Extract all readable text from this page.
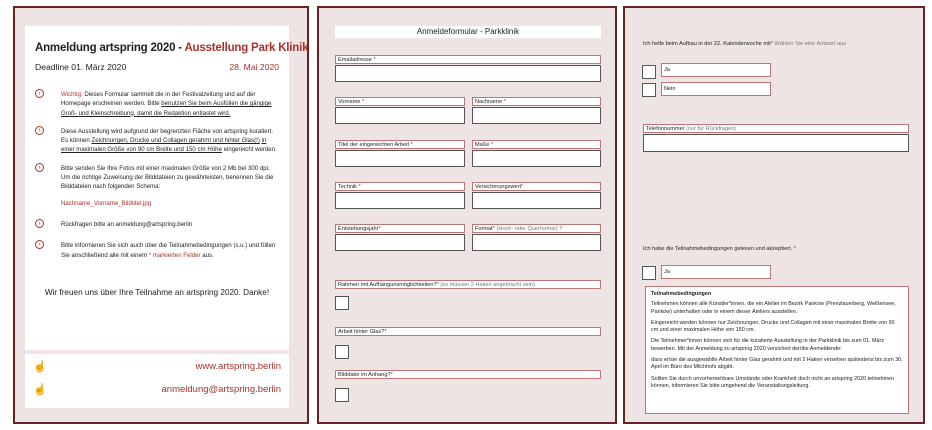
Anmeldung artspring 2020 - Ausstellung Park Klinik
Deadline 01. März 2020	28. Mai 2020
›	Wichtig: Dieses Formular sammelt die in der Festivalzeitung und auf der Homepage erscheinen werden. Bitte benutzen Sie beim Ausfüllen die gängige Groß- und Kleinschreibung, damit die Redaktion entlastet wird.
›	Diese Ausstellung wird aufgrund der begrenzten Fläche von artspring kuratiert. Es können Zeichnungen, Drucke und Collagen gerahmt und hinter Glas(!) in einer maximalen Größe von 90 cm Breite und 150 cm Höhe eingereicht werden.
›	Bitte senden Sie Ihre Fotos mit einer maximalen Größe von 2 Mb bei 300 dpi. Um die richtige Zuweisung der Bilddateien zu gewährleisten, benennen Sie die Bilddateien nach folgenden Schema:
Nachname_Vorname_Bildtitel.jpg
›	Rückfragen bitte an anmeldung@artspring.berlin
›	Bitte informieren Sie sich auch über die Teilnahmebedingungen (s.u.) und füllen Sie anschließend alle mit einem * markierten Felder aus.
Wir freuen uns über Ihre Teilnahme an artspring 2020. Danke!
☝	www.artspring.berlin
☝	anmeldung@artspring.berlin
Anmeldeformular - Parkklinik
Emailadresse *
Vorname *	Nachname *
Titel der eingereichten Arbeit *	Maße *
Technik *	Versicherungswert*
Entstehungsjahr*	Format* (Hoch- oder Querformat) ?
Rahmen mit Aufhängunsmöglichkeiten?* (es müssen 2 Haken angebracht sein)
Arbeit hinter Glas?*
Bilddatei im Anhang?*
Ich helfe beim Aufbau in der 22. Kalenderwoche mit* Wählen Sie eine Antwort aus
Ja
Nein
Telefonnummer (nur für Rückfragen)
Ich habe die Teilnahmebedingungen gelesen und akzeptiert. *
Ja
Teilnahmebedingungen

Teilnehmen können alle Künstler*innen, die ein Atelier im Bezirk Pankow (Prenzlauerberg, Weißensee, Pankow) unterhalten oder in einem dieser Ateliers ausstellen.

Eingereicht werden können nur Zeichnungen, Drucke und Collagen mit einer maximalen Breite von 90 cm und einer maximalen Höhe von 150 cm.

Die Teilnehmer*innen können sich für die kuratierte Ausstellung in der Parkklinik bis zum 01. März bewerben. Mit der Anmeldung zu artspring 2020 versichert der/die Anmeldende:

dass er/sie die ausgewählte Arbeit hinter Glas gerahmt und mit 2 Haken versehen spätestens bis zum 30. April im Büro des Milchhofs abgibt.

Sollten Sie durch unvorhersehbare Umstände oder Krankheit doch nicht an artspring 2020 teilnehmen können, informieren Sie bitte umgehend die Veranstaltungsleitung.
